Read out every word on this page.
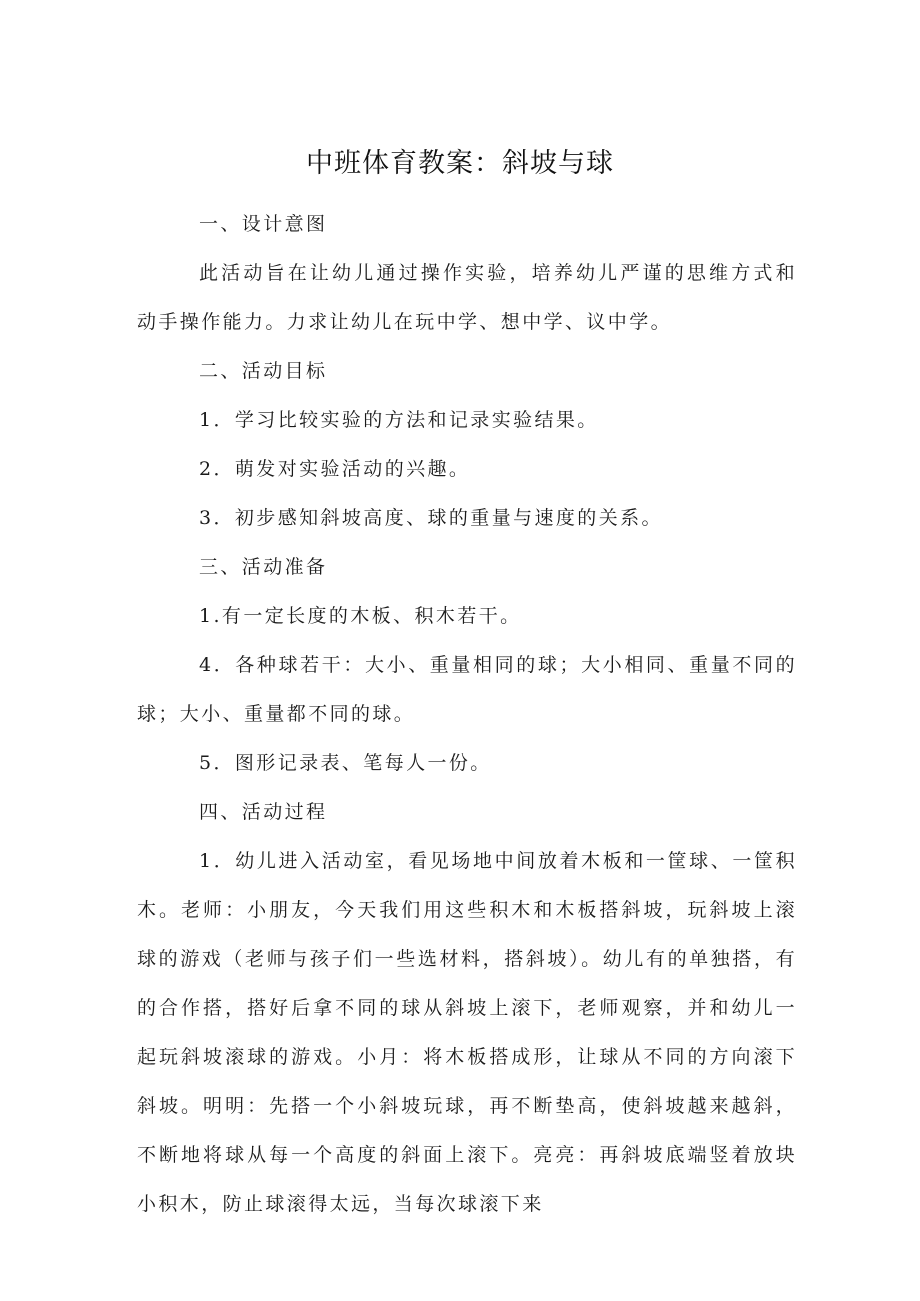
中班体育教案：斜坡与球

一、设计意图

此活动旨在让幼儿通过操作实验，培养幼儿严谨的思维方式和动手操作能力。力求让幼儿在玩中学、想中学、议中学。

二、活动目标

1．学习比较实验的方法和记录实验结果。

2．萌发对实验活动的兴趣。

3．初步感知斜坡高度、球的重量与速度的关系。

三、活动准备

1.有一定长度的木板、积木若干。

4．各种球若干：大小、重量相同的球；大小相同、重量不同的球；大小、重量都不同的球。

5．图形记录表、笔每人一份。

四、活动过程

1．幼儿进入活动室，看见场地中间放着木板和一筐球、一筐积木。老师：小朋友，今天我们用这些积木和木板搭斜坡，玩斜坡上滚球的游戏（老师与孩子们一些选材料，搭斜坡）。幼儿有的单独搭，有的合作搭，搭好后拿不同的球从斜坡上滚下，老师观察，并和幼儿一起玩斜坡滚球的游戏。小月：将木板搭成形，让球从不同的方向滚下斜坡。明明：先搭一个小斜坡玩球，再不断垫高，使斜坡越来越斜，不断地将球从每一个高度的斜面上滚下。亮亮：再斜坡底端竖着放块小积木，防止球滚得太远，当每次球滚下来
